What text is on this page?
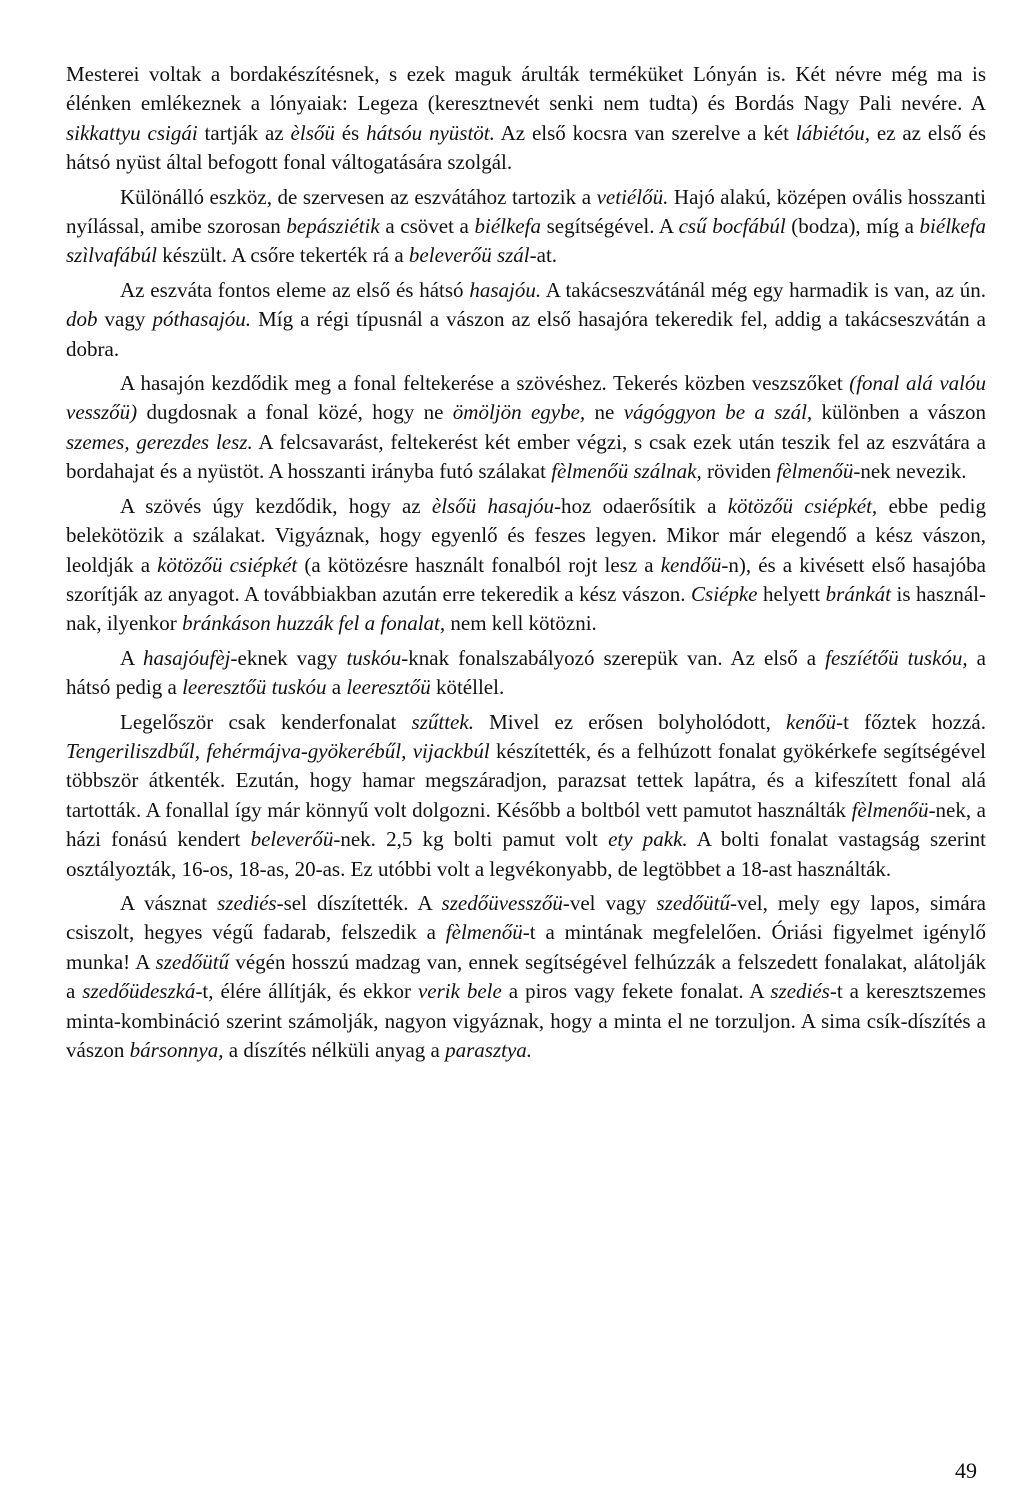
Mesterei voltak a bordakészítésnek, s ezek maguk árulták terméküket Lónyán is. Két névre még ma is élénken emlékeznek a lónyaiak: Legeza (keresztnevét senki nem tudta) és Bordás Nagy Pali nevére. A sikkattyu csigái tartják az èlsőü és hátsóu nyüstöt. Az első kocsra van szerelve a két lábiétóu, ez az első és hátsó nyüst által befogott fonal váltogatására szolgál.

Különálló eszköz, de szervesen az eszvátához tartozik a vetiélőü. Hajó alakú, középen ovális hosszanti nyílással, amibe szorosan bepásziétik a csövet a biélkefa segítségével. A csű bocfábúl (bodza), míg a biélkefa szìlvafábúl készült. A csőre tekerték rá a beleverőü szál-at.

Az eszváta fontos eleme az első és hátsó hasajóu. A takácseszvátánál még egy harmadik is van, az ún. dob vagy póthasajóu. Míg a régi típusnál a vászon az első hasajóra tekeredik fel, addig a takácseszvátán a dobra.

A hasajón kezdődik meg a fonal feltekerése a szövéshez. Tekerés közben veszszőket (fonal alá valóu vesszőü) dugdosnak a fonal közé, hogy ne ömöljön egybe, ne vágóggyon be a szál, különben a vászon szemes, gerezdes lesz. A felcsavarást, feltekerést két ember végzi, s csak ezek után teszik fel az eszvátára a bordahajat és a nyüstöt. A hosszanti irányba futó szálakat fèlmenőü szálnak, röviden fèlmenőü-nek nevezik.

A szövés úgy kezdődik, hogy az èlsőü hasajóu-hoz odaerősítik a kötözőü csiépkét, ebbe pedig belekötözik a szálakat. Vigyáznak, hogy egyenlő és feszes legyen. Mikor már elegendő a kész vászon, leoldják a kötözőü csiépkét (a kötözésre használt fonalból rojt lesz a kendőü-n), és a kivésett első hasajóba szorítják az anyagot. A továbbiakban azután erre tekeredik a kész vászon. Csiépke helyett bránkát is használnak, ilyenkor bránkáson huzzák fel a fonalat, nem kell kötözni.

A hasajóufèj-eknek vagy tuskóu-knak fonalszabályozó szerepük van. Az első a feszíétőü tuskóu, a hátsó pedig a leeresztőü tuskóu a leeresztőü kötéllel.

Legelőször csak kenderfonalat szűttek. Mivel ez erősen bolyholódott, kenőü-t főztek hozzá. Tengeriliszdbűl, fehérmájva-gyökerébűl, vijackbúl készítették, és a felhúzott fonalat gyökérkefe segítségével többször átkenték. Ezután, hogy hamar megszáradjon, parazsat tettek lapátra, és a kifeszített fonal alá tartották. A fonallal így már könnyű volt dolgozni. Később a boltból vett pamutot használták fèlmenőü-nek, a házi fonású kendert beleverőü-nek. 2,5 kg bolti pamut volt ety pakk. A bolti fonalat vastagság szerint osztályozták, 16-os, 18-as, 20-as. Ez utóbbi volt a legvékonyabb, de legtöbbet a 18-ast használták.

A vásznat szediés-sel díszítették. A szedőüvesszőü-vel vagy szedőütű-vel, mely egy lapos, simára csiszolt, hegyes végű fadarab, felszedik a fèlmenőü-t a mintának megfelelően. Óriási figyelmet igénylő munka! A szedőütű végén hosszú madzag van, ennek segítségével felhúzzák a felszedett fonalakat, alátolják a szedőüdeszká-t, élére állítják, és ekkor verik bele a piros vagy fekete fonalat. A szediés-t a keresztszemes minta-kombináció szerint számolják, nagyon vigyáznak, hogy a minta el ne torzuljon. A sima csík-díszítés a vászon bársonnya, a díszítés nélküli anyag a parasztya.

49
